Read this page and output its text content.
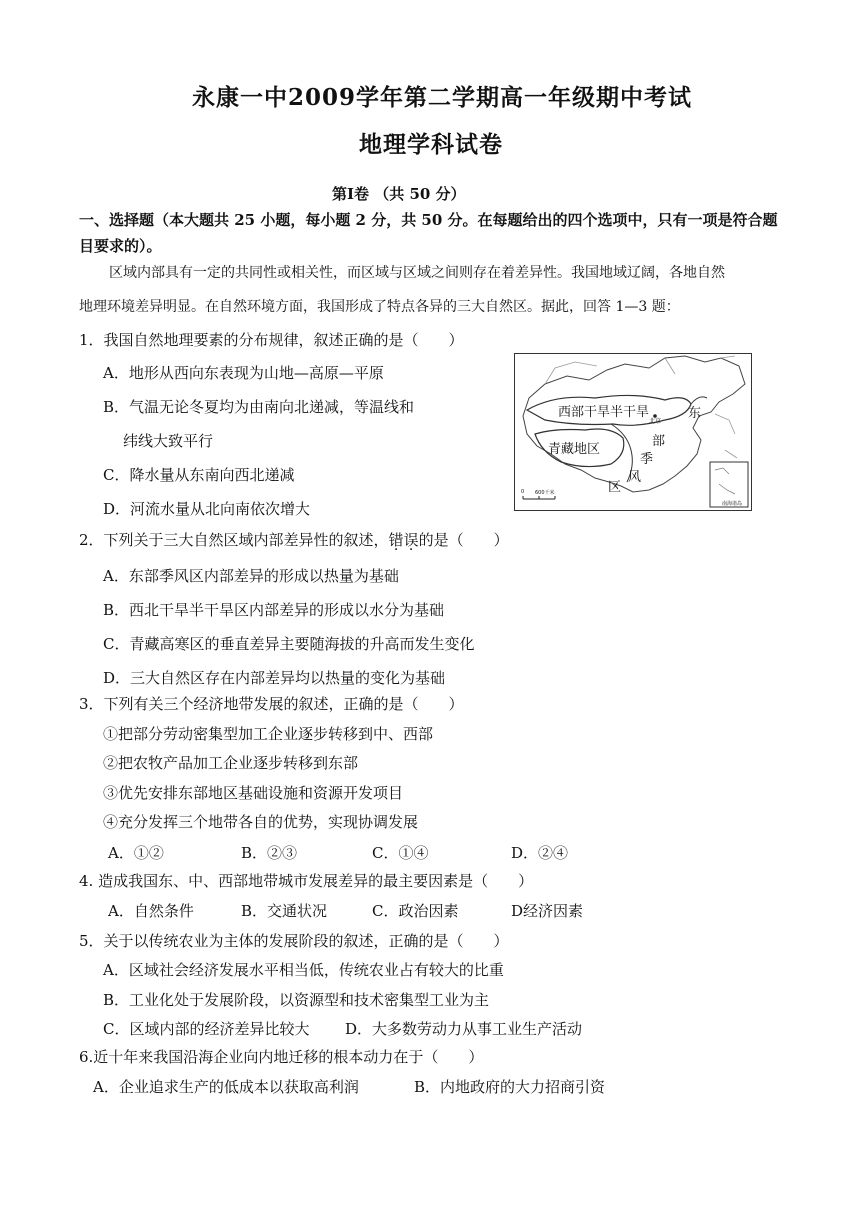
永康一中2009学年第二学期高一年级期中考试
地理学科试卷
第Ⅰ卷 （共 50 分）
一、选择题（本大题共 25 小题，每小题 2 分，共 50 分。在每题给出的四个选项中，只有一项是符合题
目要求的）。
区域内部具有一定的共同性或相关性，而区域与区域之间则存在着差异性。我国地域辽阔，各地自然
地理环境差异明显。在自然环境方面，我国形成了特点各异的三大自然区。据此，回答 1—3 题：
1．我国自然地理要素的分布规律，叙述正确的是（　　）
A．地形从西向东表现为山地—高原—平原
B．气温无论冬夏均为由南向北递减，等温线和
纬线大致平行
C．降水量从东南向西北递减
D．河流水量从北向南依次增大
西部干旱半干旱
青藏地区
东
部
季
风
区
北京
0 600千米
南海诸岛
2．下列关于三大自然区域内部差异性的叙述，错误的是（　　）
A．东部季风区内部差异的形成以热量为基础
B．西北干旱半干旱区内部差异的形成以水分为基础
C．青藏高寒区的垂直差异主要随海拔的升高而发生变化
D．三大自然区存在内部差异均以热量的变化为基础
3．下列有关三个经济地带发展的叙述，正确的是（　　）
①把部分劳动密集型加工企业逐步转移到中、西部
②把农牧产品加工企业逐步转移到东部
③优先安排东部地区基础设施和资源开发项目
④充分发挥三个地带各自的优势，实现协调发展
A．①②	B．②③	C．①④	D．②④
4. 造成我国东、中、西部地带城市发展差异的最主要因素是（　　）
A．自然条件	B．交通状况	C．政治因素	D经济因素
5．关于以传统农业为主体的发展阶段的叙述，正确的是（　　）
A．区域社会经济发展水平相当低，传统农业占有较大的比重
B．工业化处于发展阶段，以资源型和技术密集型工业为主
C．区域内部的经济差异比较大 D．大多数劳动力从事工业生产活动
6.近十年来我国沿海企业向内地迁移的根本动力在于（　　）
A．企业追求生产的低成本以获取高利润	B．内地政府的大力招商引资
